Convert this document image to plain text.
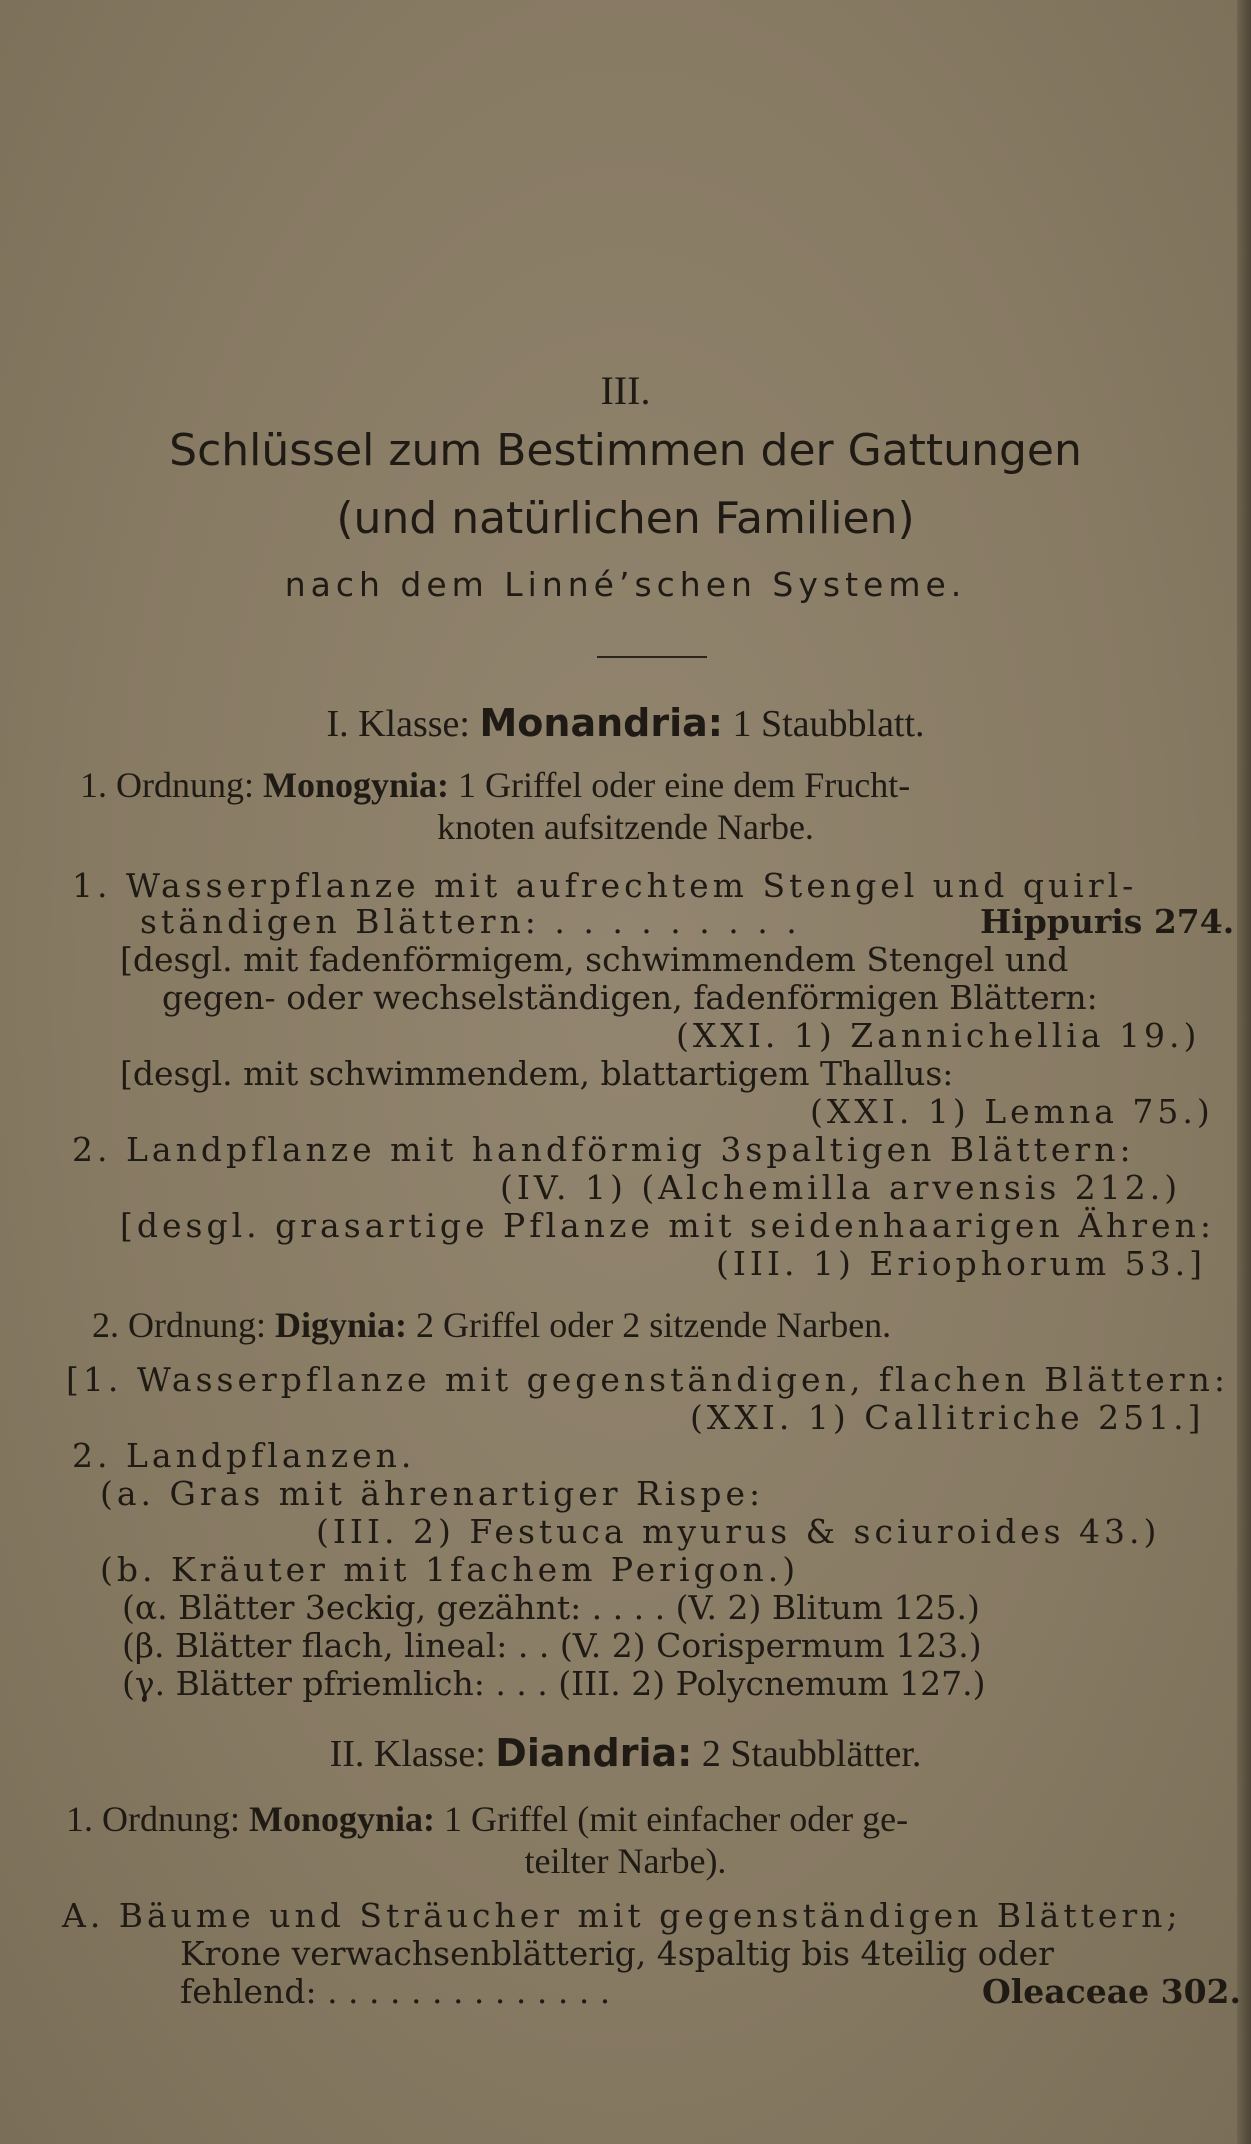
III.
Schlüssel zum Bestimmen der Gattungen
(und natürlichen Familien)
nach dem Linné’schen Systeme.
I. Klasse: Monandria: 1 Staubblatt.
1. Ordnung: Monogynia: 1 Griffel oder eine dem Frucht-
knoten aufsitzende Narbe.
1. Wasserpflanze mit aufrechtem Stengel und quirl-
ständigen Blättern: . . . . . . . . .	Hippuris 274.
[desgl. mit fadenförmigem, schwimmendem Stengel und
gegen- oder wechselständigen, fadenförmigen Blättern:
(XXI. 1) Zannichellia 19.)
[desgl. mit schwimmendem, blattartigem Thallus:
(XXI. 1) Lemna 75.)
2. Landpflanze mit handförmig 3spaltigen Blättern:
(IV. 1) (Alchemilla arvensis 212.)
[desgl. grasartige Pflanze mit seidenhaarigen Ähren:
(III. 1) Eriophorum 53.]
2. Ordnung: Digynia: 2 Griffel oder 2 sitzende Narben.
[1. Wasserpflanze mit gegenständigen, flachen Blättern:
(XXI. 1) Callitriche 251.]
2. Landpflanzen.
(a. Gras mit ährenartiger Rispe:
(III. 2) Festuca myurus & sciuroides 43.)
(b. Kräuter mit 1fachem Perigon.)
(α. Blätter 3eckig, gezähnt: . . . . (V. 2) Blitum 125.)
(β. Blätter flach, lineal: . . (V. 2) Corispermum 123.)
(γ. Blätter pfriemlich: . . . (III. 2) Polycnemum 127.)
II. Klasse: Diandria: 2 Staubblätter.
1. Ordnung: Monogynia: 1 Griffel (mit einfacher oder ge-
teilter Narbe).
A. Bäume und Sträucher mit gegenständigen Blättern;
Krone verwachsenblätterig, 4spaltig bis 4teilig oder
fehlend: . . . . . . . . . . . . . .	Oleaceae 302.
